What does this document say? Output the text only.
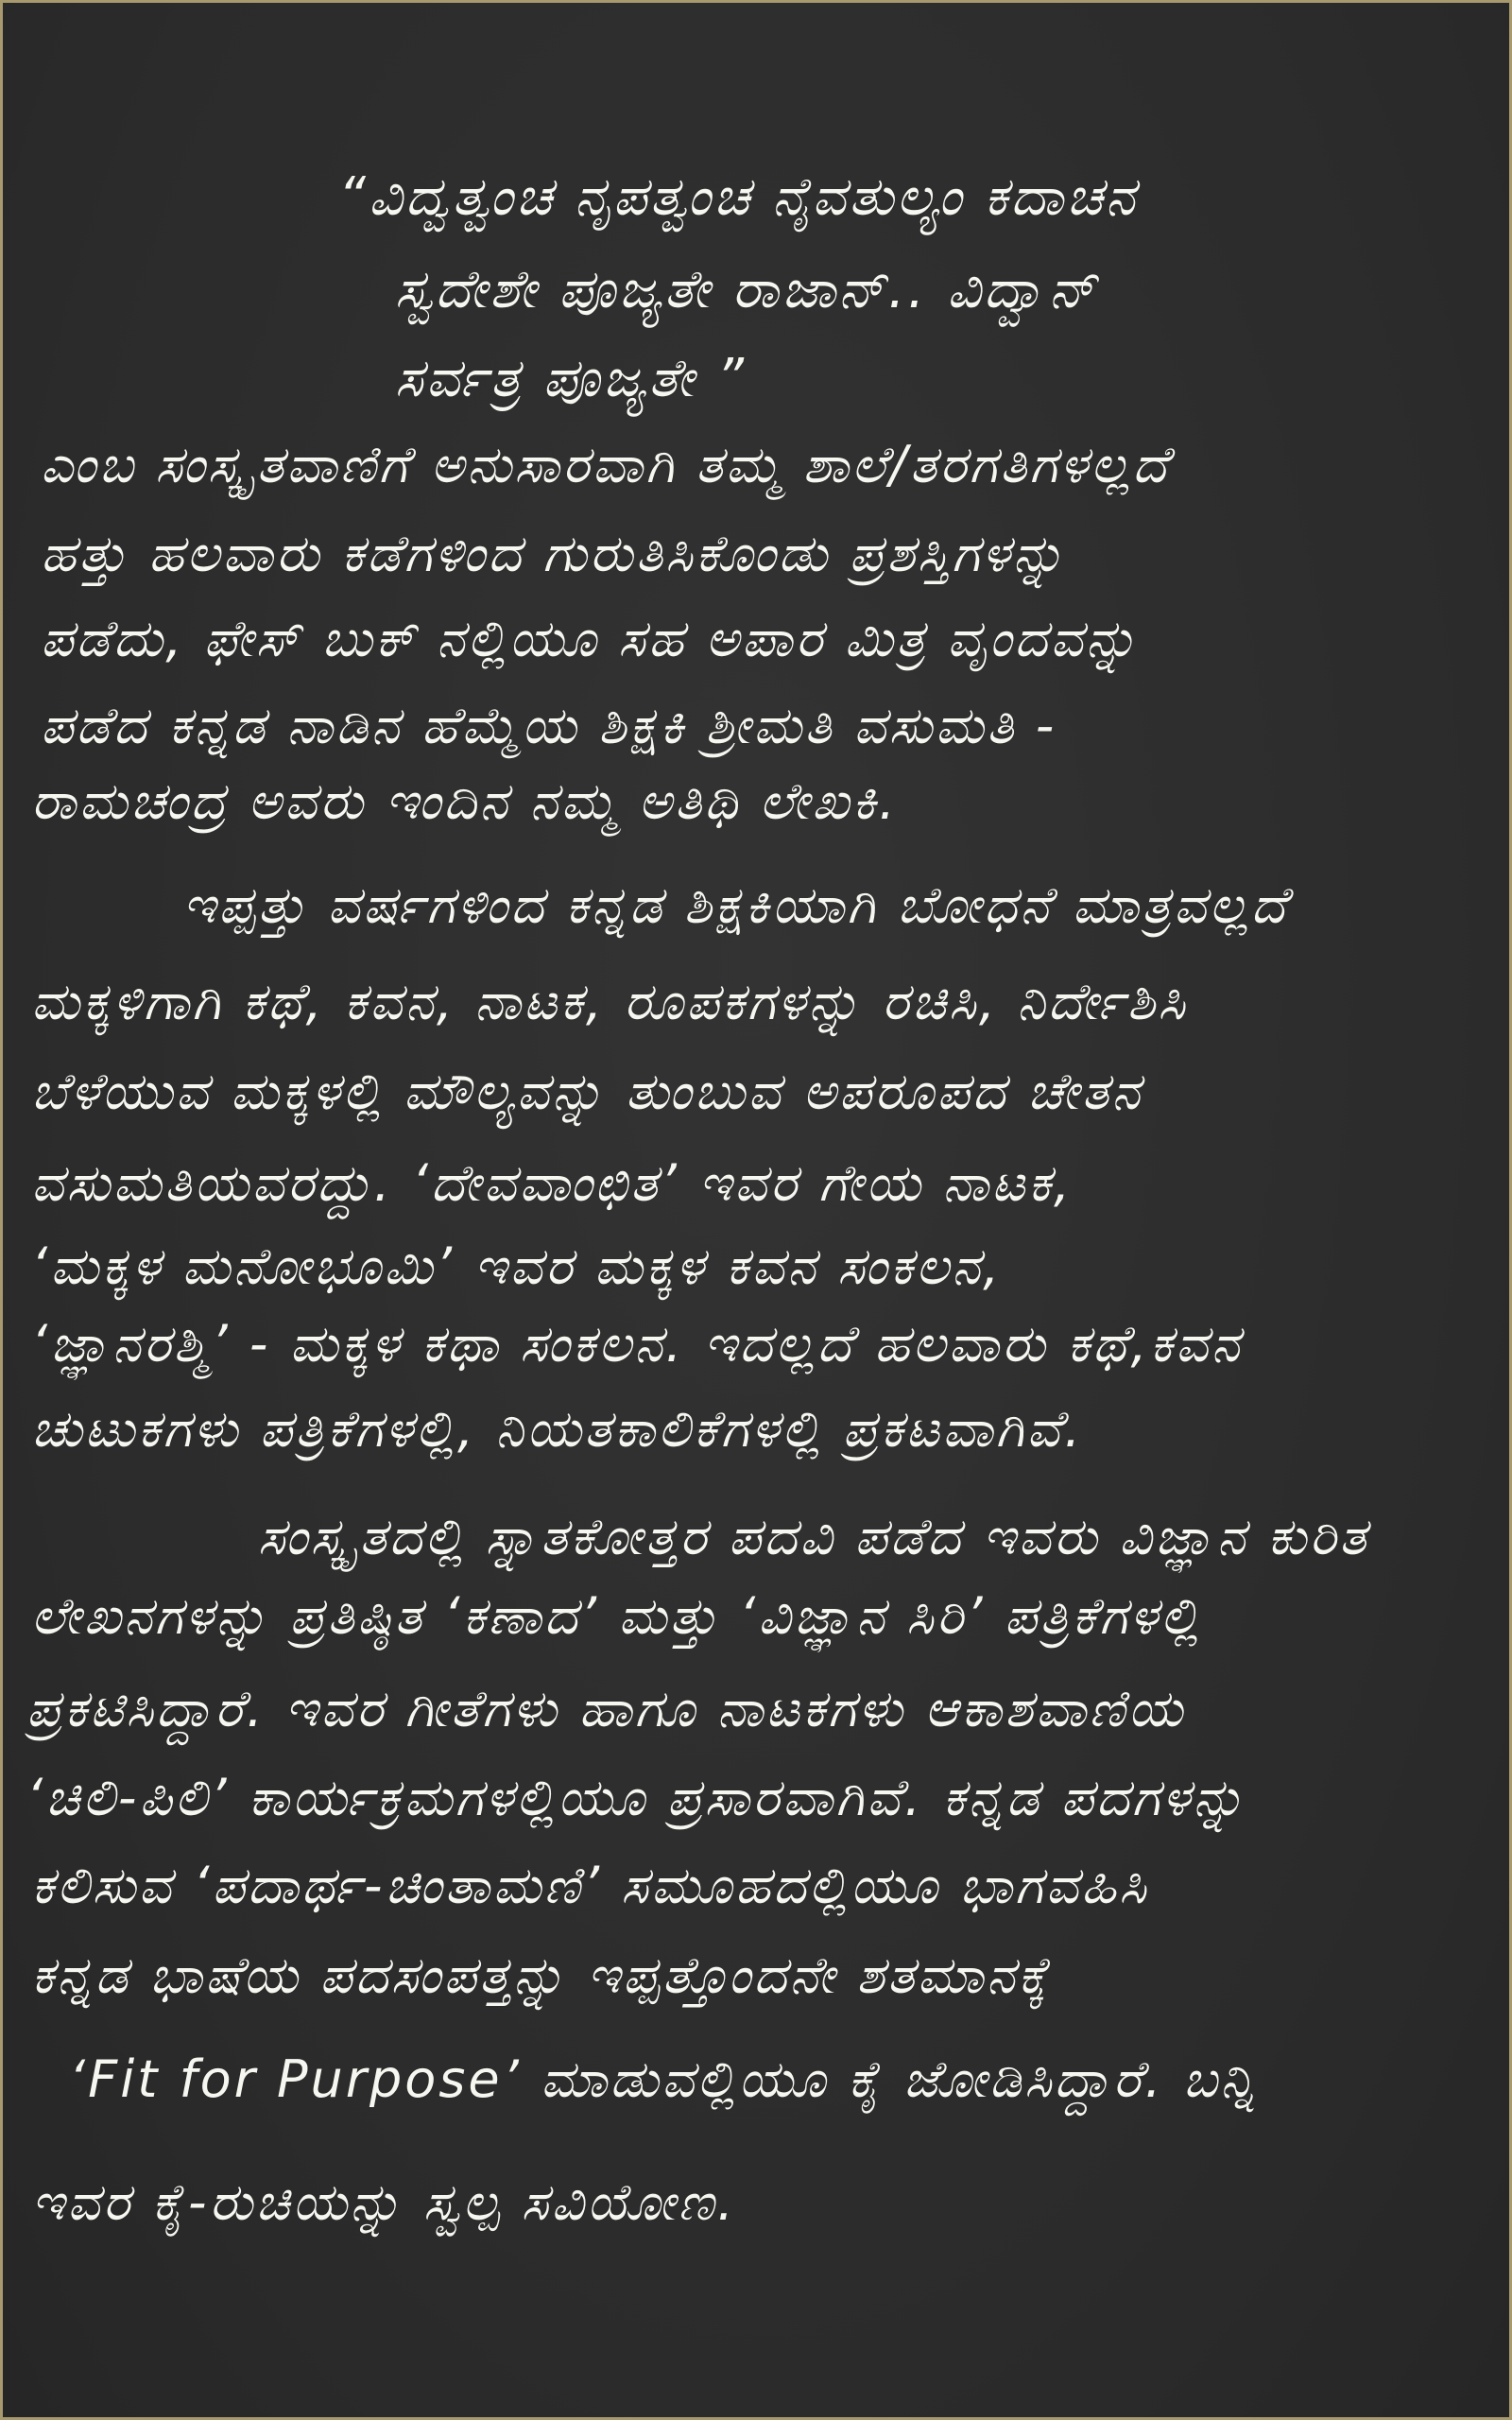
“ವಿದ್ವತ್ವಂಚ ನೃಪತ್ವಂಚ ನೈವತುಲ್ಯಂ ಕದಾಚನ
ಸ್ವದೇಶೇ ಪೂಜ್ಯತೇ ರಾಜಾನ್.. ವಿದ್ವಾನ್
ಸರ್ವತ್ರ ಪೂಜ್ಯತೇ ”
ಎಂಬ ಸಂಸ್ಕೃತವಾಣಿಗೆ ಅನುಸಾರವಾಗಿ ತಮ್ಮ ಶಾಲೆ/ತರಗತಿಗಳಲ್ಲದೆ
ಹತ್ತು ಹಲವಾರು ಕಡೆಗಳಿಂದ ಗುರುತಿಸಿಕೊಂಡು ಪ್ರಶಸ್ತಿಗಳನ್ನು
ಪಡೆದು, ಫೇಸ್ ಬುಕ್ ನಲ್ಲಿಯೂ ಸಹ ಅಪಾರ ಮಿತ್ರ ವೃಂದವನ್ನು
ಪಡೆದ ಕನ್ನಡ ನಾಡಿನ ಹೆಮ್ಮೆಯ ಶಿಕ್ಷಕಿ ಶ್ರೀಮತಿ ವಸುಮತಿ -
ರಾಮಚಂದ್ರ ಅವರು ಇಂದಿನ ನಮ್ಮ ಅತಿಥಿ ಲೇಖಕಿ.
ಇಪ್ಪತ್ತು ವರ್ಷಗಳಿಂದ ಕನ್ನಡ ಶಿಕ್ಷಕಿಯಾಗಿ ಬೋಧನೆ ಮಾತ್ರವಲ್ಲದೆ
ಮಕ್ಕಳಿಗಾಗಿ ಕಥೆ, ಕವನ, ನಾಟಕ, ರೂಪಕಗಳನ್ನು ರಚಿಸಿ, ನಿರ್ದೇಶಿಸಿ
ಬೆಳೆಯುವ ಮಕ್ಕಳಲ್ಲಿ ಮೌಲ್ಯವನ್ನು ತುಂಬುವ ಅಪರೂಪದ ಚೇತನ
ವಸುಮತಿಯವರದ್ದು. ‘ದೇವವಾಂಛಿತ’ ಇವರ ಗೇಯ ನಾಟಕ,
‘ಮಕ್ಕಳ ಮನೋಭೂಮಿ’ ಇವರ ಮಕ್ಕಳ ಕವನ ಸಂಕಲನ,
‘ಜ್ಞಾನರಶ್ಮಿ’ - ಮಕ್ಕಳ ಕಥಾ ಸಂಕಲನ. ಇದಲ್ಲದೆ ಹಲವಾರು ಕಥೆ,ಕವನ
ಚುಟುಕಗಳು ಪತ್ರಿಕೆಗಳಲ್ಲಿ, ನಿಯತಕಾಲಿಕೆಗಳಲ್ಲಿ ಪ್ರಕಟವಾಗಿವೆ.
ಸಂಸ್ಕೃತದಲ್ಲಿ ಸ್ನಾತಕೋತ್ತರ ಪದವಿ ಪಡೆದ ಇವರು ವಿಜ್ಞಾನ ಕುರಿತ
ಲೇಖನಗಳನ್ನು ಪ್ರತಿಷ್ಠಿತ ‘ಕಣಾದ’ ಮತ್ತು ‘ವಿಜ್ಞಾನ ಸಿರಿ’ ಪತ್ರಿಕೆಗಳಲ್ಲಿ
ಪ್ರಕಟಿಸಿದ್ದಾರೆ. ಇವರ ಗೀತೆಗಳು ಹಾಗೂ ನಾಟಕಗಳು ಆಕಾಶವಾಣಿಯ
‘ಚಿಲಿ-ಪಿಲಿ’ ಕಾರ್ಯಕ್ರಮಗಳಲ್ಲಿಯೂ ಪ್ರಸಾರವಾಗಿವೆ. ಕನ್ನಡ ಪದಗಳನ್ನು
ಕಲಿಸುವ ‘ಪದಾರ್ಥ-ಚಿಂತಾಮಣಿ’ ಸಮೂಹದಲ್ಲಿಯೂ ಭಾಗವಹಿಸಿ
ಕನ್ನಡ ಭಾಷೆಯ ಪದಸಂಪತ್ತನ್ನು ಇಪ್ಪತ್ತೊಂದನೇ ಶತಮಾನಕ್ಕೆ
‘Fit for Purpose’ ಮಾಡುವಲ್ಲಿಯೂ ಕೈ ಜೋಡಿಸಿದ್ದಾರೆ. ಬನ್ನಿ
ಇವರ ಕೈ-ರುಚಿಯನ್ನು ಸ್ವಲ್ಪ ಸವಿಯೋಣ.
